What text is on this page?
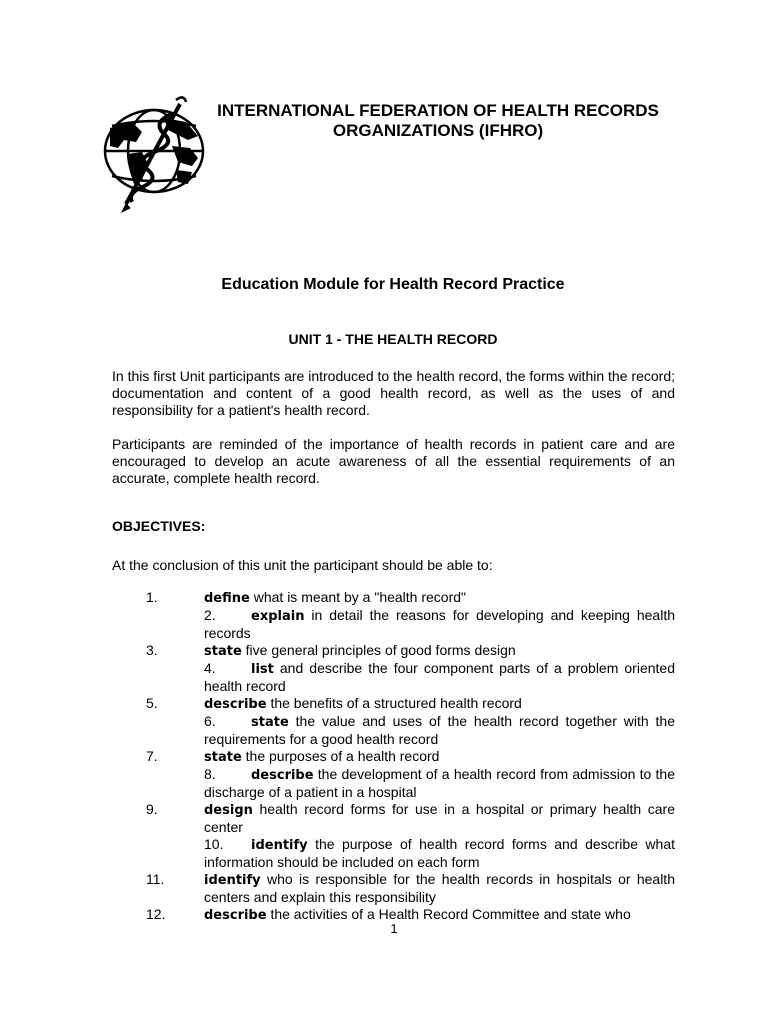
INTERNATIONAL FEDERATION OF HEALTH RECORDS
ORGANIZATIONS (IFHRO)
Education Module for Health Record Practice
UNIT 1 - THE HEALTH RECORD
In this first Unit participants are introduced to the health record, the forms within the record; documentation and content of a good health record, as well as the uses of and responsibility for a patient's health record.
Participants are reminded of the importance of health records in patient care and are encouraged to develop an acute awareness of all the essential requirements of an accurate, complete health record.
OBJECTIVES:
At the conclusion of this unit the participant should be able to:
1.	define what is meant by a "health record"
2.	explain in detail the reasons for developing and keeping health records
3.	state five general principles of good forms design
4.	list and describe the four component parts of a problem oriented health record
5.	describe the benefits of a structured health record
6.	state the value and uses of the health record together with the requirements for a good health record
7.	state the purposes of a health record
8.	describe the development of a health record from admission to the discharge of a patient in a hospital
9.	design health record forms for use in a hospital or primary health care center
10. identify the purpose of health record forms and describe what information should be included on each form
11.	identify who is responsible for the health records in hospitals or health centers and explain this responsibility
12.	describe the activities of a Health Record Committee and state who
1
